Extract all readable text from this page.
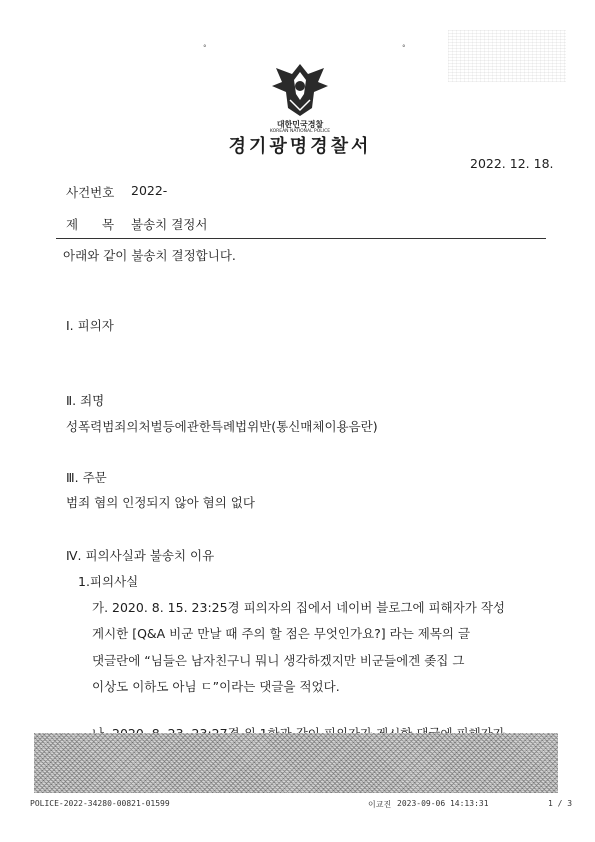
°	°
대한민국경찰
KOREAN NATIONAL POLICE
경기광명경찰서
2022. 12. 18.
사건번호 2022-
제 목 불송치 결정서
아래와 같이 불송치 결정합니다.
Ⅰ. 피의자
Ⅱ. 죄명
성폭력범죄의처벌등에관한특례법위반(통신매체이용음란)
Ⅲ. 주문
범죄 혐의 인정되지 않아 혐의 없다
Ⅳ. 피의사실과 불송치 이유
1.피의사실
가. 2020. 8. 15. 23:25경 피의자의 집에서 네이버 블로그에 피해자가 작성
게시한 [Q&A 비군 만날 때 주의 할 점은 무엇인가요?] 라는 제목의 글
댓글란에 “님들은 남자친구니 뭐니 생각하겠지만 비군들에겐 좆집 그
이상도 이하도 아님 ㄷ”이라는 댓글을 적었다.
POLICE-2022-34280-00821-01599	이교진 2023-09-06 14:13:31	1 / 3
